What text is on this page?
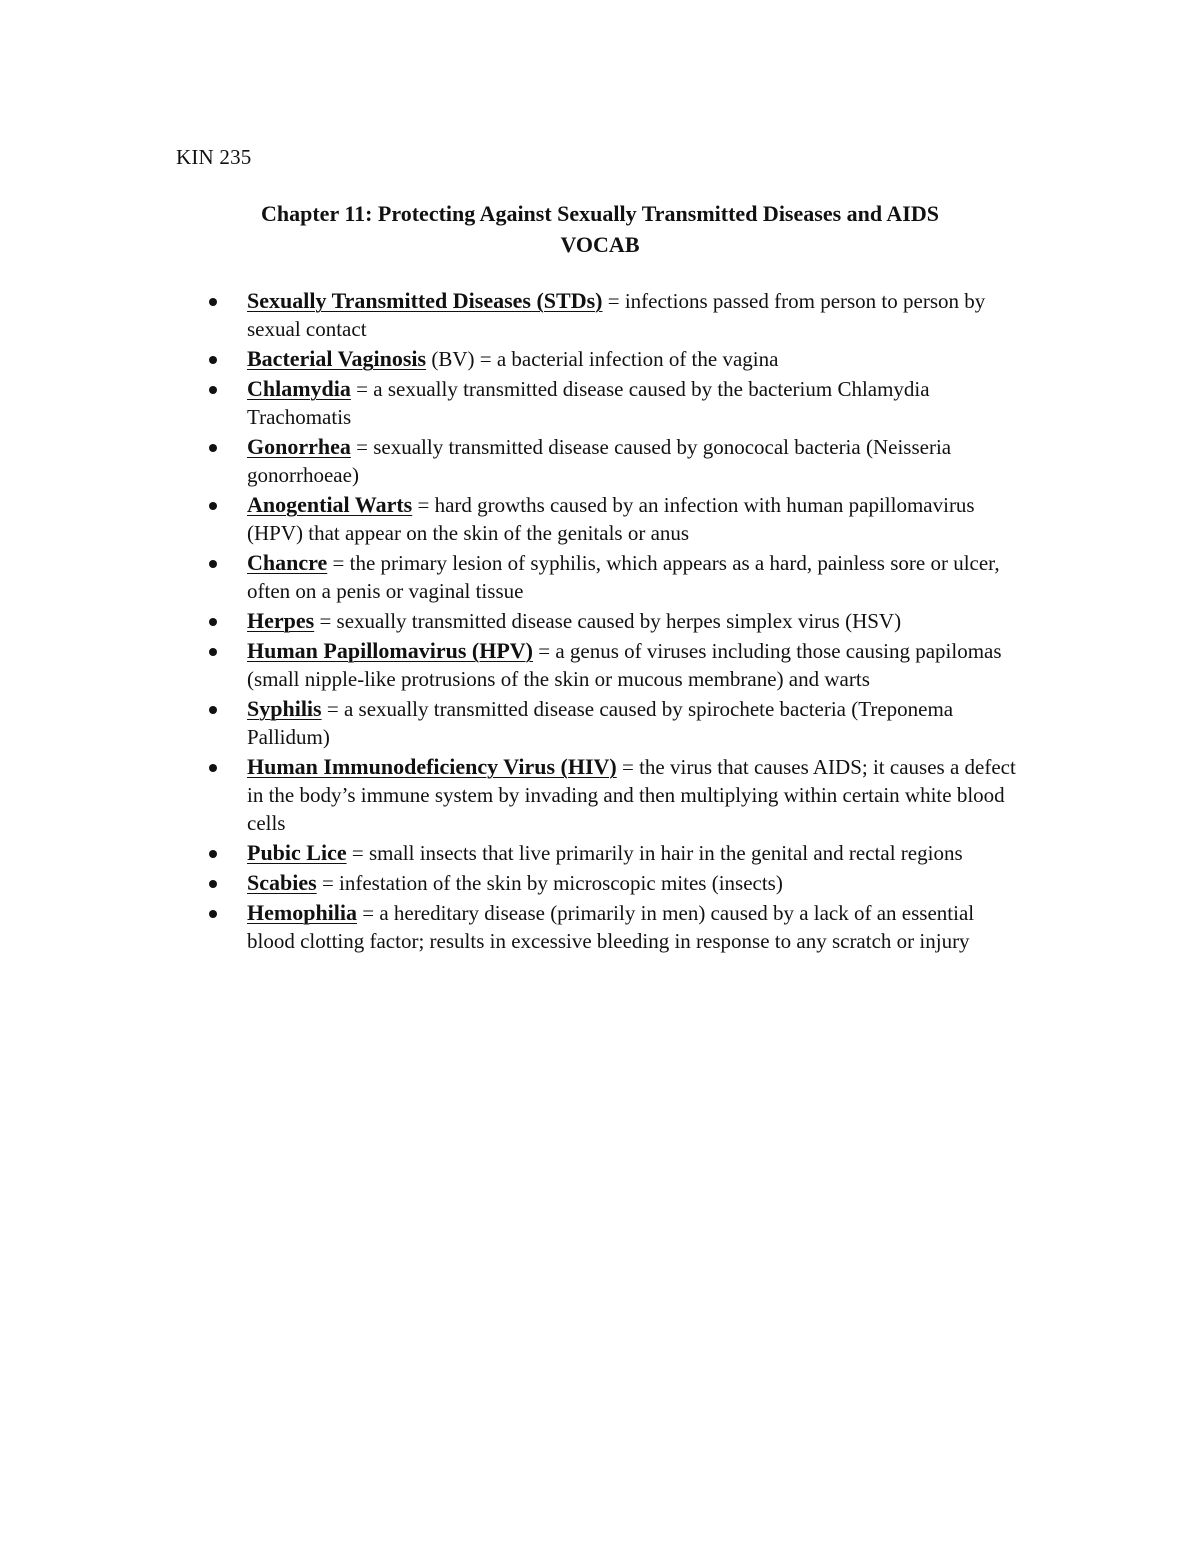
KIN 235
Chapter 11: Protecting Against Sexually Transmitted Diseases and AIDS
VOCAB
Sexually Transmitted Diseases (STDs) = infections passed from person to person by sexual contact
Bacterial Vaginosis (BV) = a bacterial infection of the vagina
Chlamydia = a sexually transmitted disease caused by the bacterium Chlamydia Trachomatis
Gonorrhea = sexually transmitted disease caused by gonococal bacteria (Neisseria gonorrhoeae)
Anogential Warts = hard growths caused by an infection with human papillomavirus (HPV) that appear on the skin of the genitals or anus
Chancre = the primary lesion of syphilis, which appears as a hard, painless sore or ulcer, often on a penis or vaginal tissue
Herpes = sexually transmitted disease caused by herpes simplex virus (HSV)
Human Papillomavirus (HPV) = a genus of viruses including those causing papilomas (small nipple-like protrusions of the skin or mucous membrane) and warts
Syphilis = a sexually transmitted disease caused by spirochete bacteria (Treponema Pallidum)
Human Immunodeficiency Virus (HIV) = the virus that causes AIDS; it causes a defect in the body’s immune system by invading and then multiplying within certain white blood cells
Pubic Lice = small insects that live primarily in hair in the genital and rectal regions
Scabies = infestation of the skin by microscopic mites (insects)
Hemophilia = a hereditary disease (primarily in men) caused by a lack of an essential blood clotting factor; results in excessive bleeding in response to any scratch or injury
